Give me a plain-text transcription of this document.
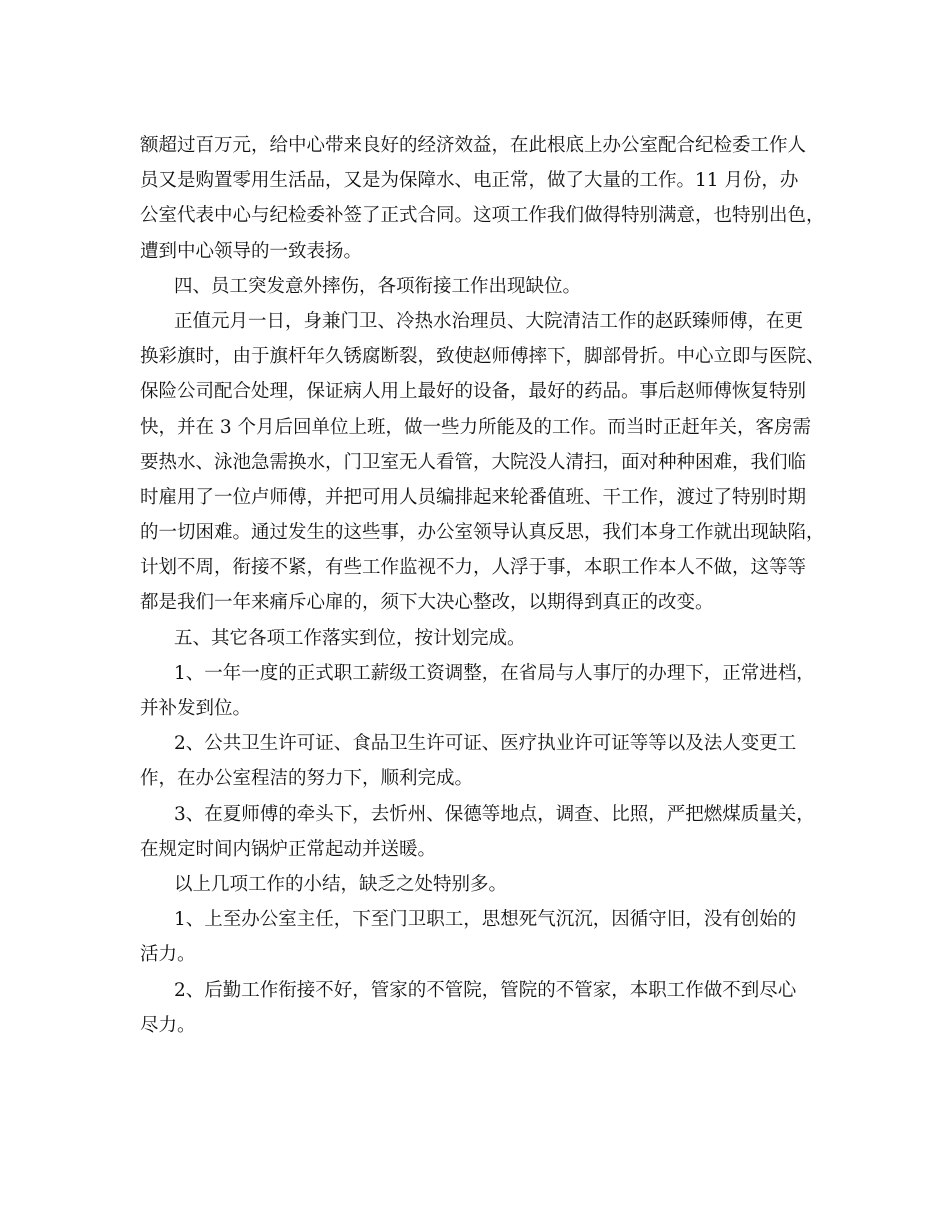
额超过百万元，给中心带来良好的经济效益，在此根底上办公室配合纪检委工作人
员又是购置零用生活品，又是为保障水、电正常，做了大量的工作。11 月份，办
公室代表中心与纪检委补签了正式合同。这项工作我们做得特别满意，也特别出色，
遭到中心领导的一致表扬。
四、员工突发意外摔伤，各项衔接工作出现缺位。
正值元月一日，身兼门卫、冷热水治理员、大院清洁工作的赵跃臻师傅，在更
换彩旗时，由于旗杆年久锈腐断裂，致使赵师傅摔下，脚部骨折。中心立即与医院、
保险公司配合处理，保证病人用上最好的设备，最好的药品。事后赵师傅恢复特别
快，并在 3 个月后回单位上班，做一些力所能及的工作。而当时正赶年关，客房需
要热水、泳池急需换水，门卫室无人看管，大院没人清扫，面对种种困难，我们临
时雇用了一位卢师傅，并把可用人员编排起来轮番值班、干工作，渡过了特别时期
的一切困难。通过发生的这些事，办公室领导认真反思，我们本身工作就出现缺陷，
计划不周，衔接不紧，有些工作监视不力，人浮于事，本职工作本人不做，这等等
都是我们一年来痛斥心扉的，须下大决心整改，以期得到真正的改变。
五、其它各项工作落实到位，按计划完成。
1、一年一度的正式职工薪级工资调整，在省局与人事厅的办理下，正常进档，
并补发到位。
2、公共卫生许可证、食品卫生许可证、医疗执业许可证等等以及法人变更工
作，在办公室程洁的努力下，顺利完成。
3、在夏师傅的牵头下，去忻州、保德等地点，调查、比照，严把燃煤质量关，
在规定时间内锅炉正常起动并送暖。
以上几项工作的小结，缺乏之处特别多。
1、上至办公室主任，下至门卫职工，思想死气沉沉，因循守旧，没有创始的
活力。
2、后勤工作衔接不好，管家的不管院，管院的不管家，本职工作做不到尽心
尽力。
